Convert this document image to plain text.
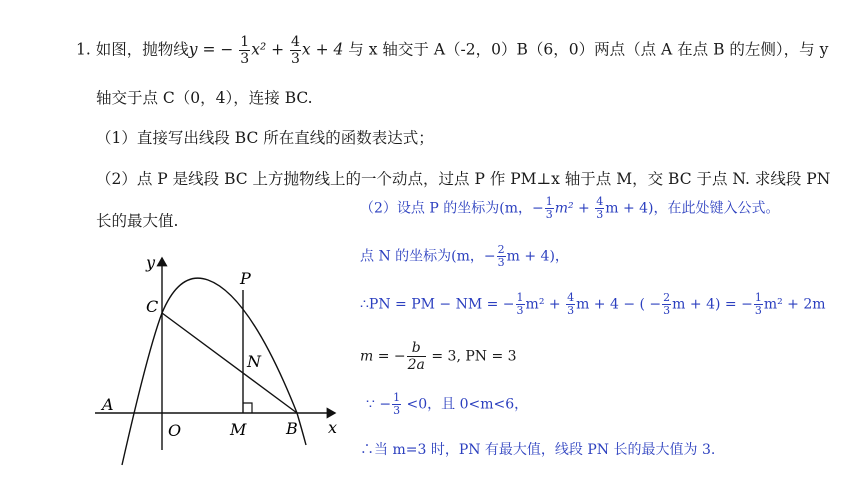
1. 如图，抛物线y = − $\frac{1}{3} x^2 + \frac{4}{3}$ x + 4 与 x 轴交于 A（-2，0）B（6，0）两点（点 A 在点 B 的左侧），与 y
轴交于点 C（0，4），连接 BC.
（1）直接写出线段 BC 所在直线的函数表达式；
（2）点 P 是线段 BC 上方抛物线上的一个动点，过点 P 作 PM⊥x 轴于点 M，交 BC 于点 N. 求线段 PN
长的最大值.
（2）设点 P 的坐标为(m，− $\frac{1}{3} m^2 + \frac{4}{3}$ m + 4)，在此处键入公式。
点 N 的坐标为(m，− $\frac{2}{3}$ m + 4)，
∴PN = PM − NM = − $\frac{1}{3} m^2 + \frac{4}{3}$ m + 4 − ( − $\frac{2}{3}$ m + 4) = − $\frac{1}{3} m^2 + 2m$
m = − $\frac{b}{2a} = 3$, PN = 3
∵ − $\frac{1}{3} <0$，且 0<m<6，
∴当 m=3 时，PN 有最大值，线段 PN 长的最大值为 3.
y
x
O
A
B
C
P
N
M
